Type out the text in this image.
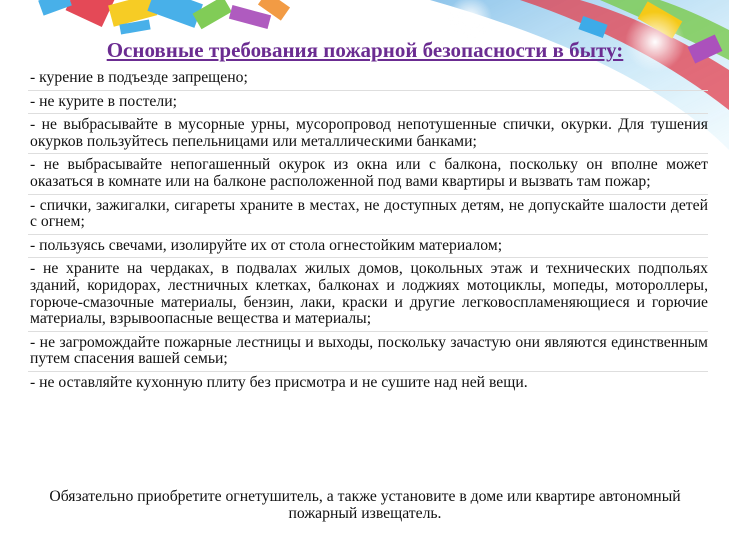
Основные требования пожарной безопасности в быту:
- курение в подъезде запрещено;
- не курите в постели;
- не выбрасывайте в мусорные урны, мусоропровод непотушенные спички, окурки. Для тушения окурков пользуйтесь пепельницами или металлическими банками;
- не выбрасывайте непогашенный окурок из окна или с балкона, поскольку он вполне может оказаться в комнате или на балконе расположенной под вами квартиры и вызвать там пожар;
- спички, зажигалки, сигареты храните в местах, не доступных детям, не допускайте шалости детей с огнем;
- пользуясь свечами, изолируйте их от стола огнестойким материалом;
- не храните на чердаках, в подвалах жилых домов, цокольных этаж и технических подпольях зданий, коридорах, лестничных клетках, балконах и лоджиях мотоциклы, мопеды, мотороллеры, горюче-смазочные материалы, бензин, лаки, краски и другие легковоспламеняющиеся и горючие материалы, взрывоопасные вещества и материалы;
- не загромождайте пожарные лестницы и выходы, поскольку зачастую они являются единственным путем спасения вашей семьи;
- не оставляйте кухонную плиту без присмотра и не сушите над ней вещи.

Обязательно приобретите огнетушитель, а также установите в доме или квартире автономный пожарный извещатель.
